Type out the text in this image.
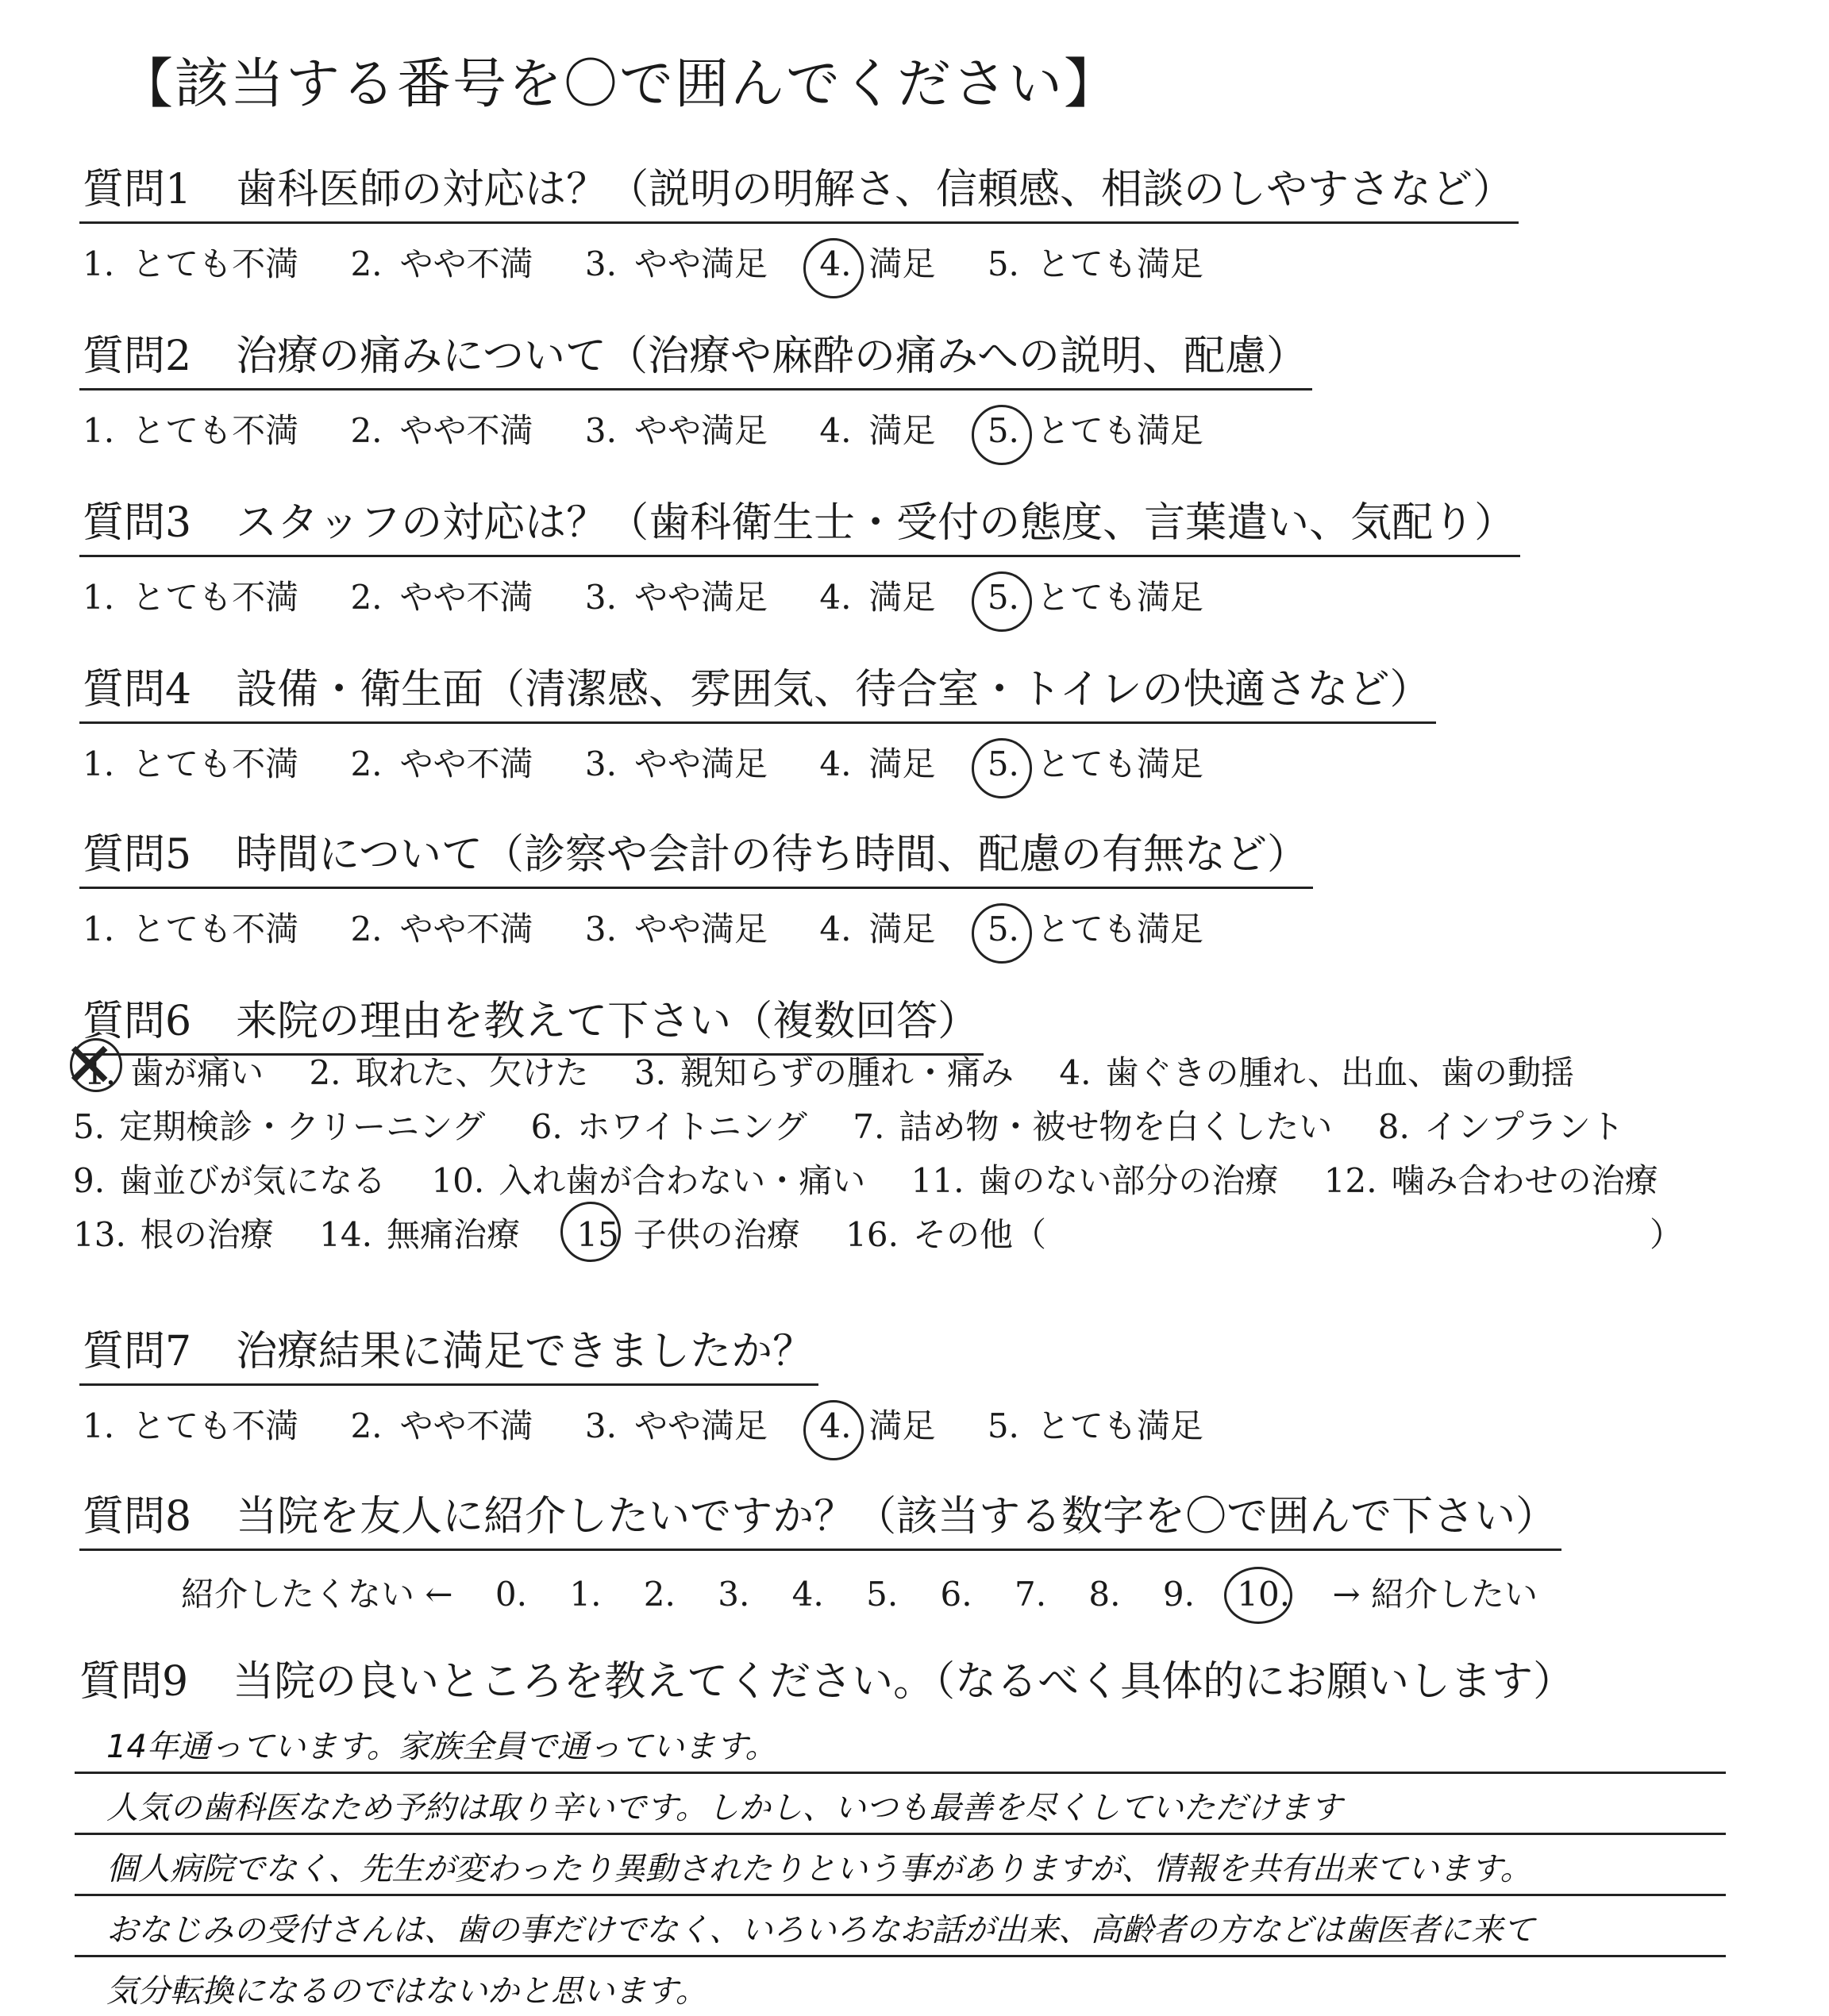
【該当する番号を〇で囲んでください】
質問1 歯科医師の対応は？（説明の明解さ、信頼感、相談のしやすさなど）
1. とても不満 2. やや不満 3. やや満足 4. 満足 5. とても満足
質問2 治療の痛みについて（治療や麻酔の痛みへの説明、配慮）
1. とても不満 2. やや不満 3. やや満足 4. 満足 5. とても満足
質問3 スタッフの対応は？（歯科衛生士・受付の態度、言葉遣い、気配り）
1. とても不満 2. やや不満 3. やや満足 4. 満足 5. とても満足
質問4 設備・衛生面（清潔感、雰囲気、待合室・トイレの快適さなど）
1. とても不満 2. やや不満 3. やや満足 4. 満足 5. とても満足
質問5 時間について（診察や会計の待ち時間、配慮の有無など）
1. とても不満 2. やや不満 3. やや満足 4. 満足 5. とても満足
質問6 来院の理由を教えて下さい（複数回答）
1. ✕ 歯が痛い 2. 取れた、欠けた 3. 親知らずの腫れ・痛み 4. 歯ぐきの腫れ、出血、歯の動揺
5. 定期検診・クリーニング 6. ホワイトニング 7. 詰め物・被せ物を白くしたい 8. インプラント
9. 歯並びが気になる 10. 入れ歯が合わない・痛い 11. 歯のない部分の治療 12. 噛み合わせの治療
13. 根の治療 14. 無痛治療 15 子供の治療 16. その他（	）
質問7 治療結果に満足できましたか？
1. とても不満 2. やや不満 3. やや満足 4. 満足 5. とても満足
質問8 当院を友人に紹介したいですか？（該当する数字を〇で囲んで下さい）
紹介したくない ← 0. 1. 2. 3. 4. 5. 6. 7. 8. 9. 10. → 紹介したい
質問9 当院の良いところを教えてください。（なるべく具体的にお願いします）
14年通っています。家族全員で通っています。
人気の歯科医なため予約は取り辛いです。しかし、いつも最善を尽くしていただけます
個人病院でなく、先生が変わったり異動されたりという事がありますが、情報を共有出来ています。
おなじみの受付さんは、歯の事だけでなく、いろいろなお話が出来、高齢者の方などは歯医者に来て
気分転換になるのではないかと思います。
